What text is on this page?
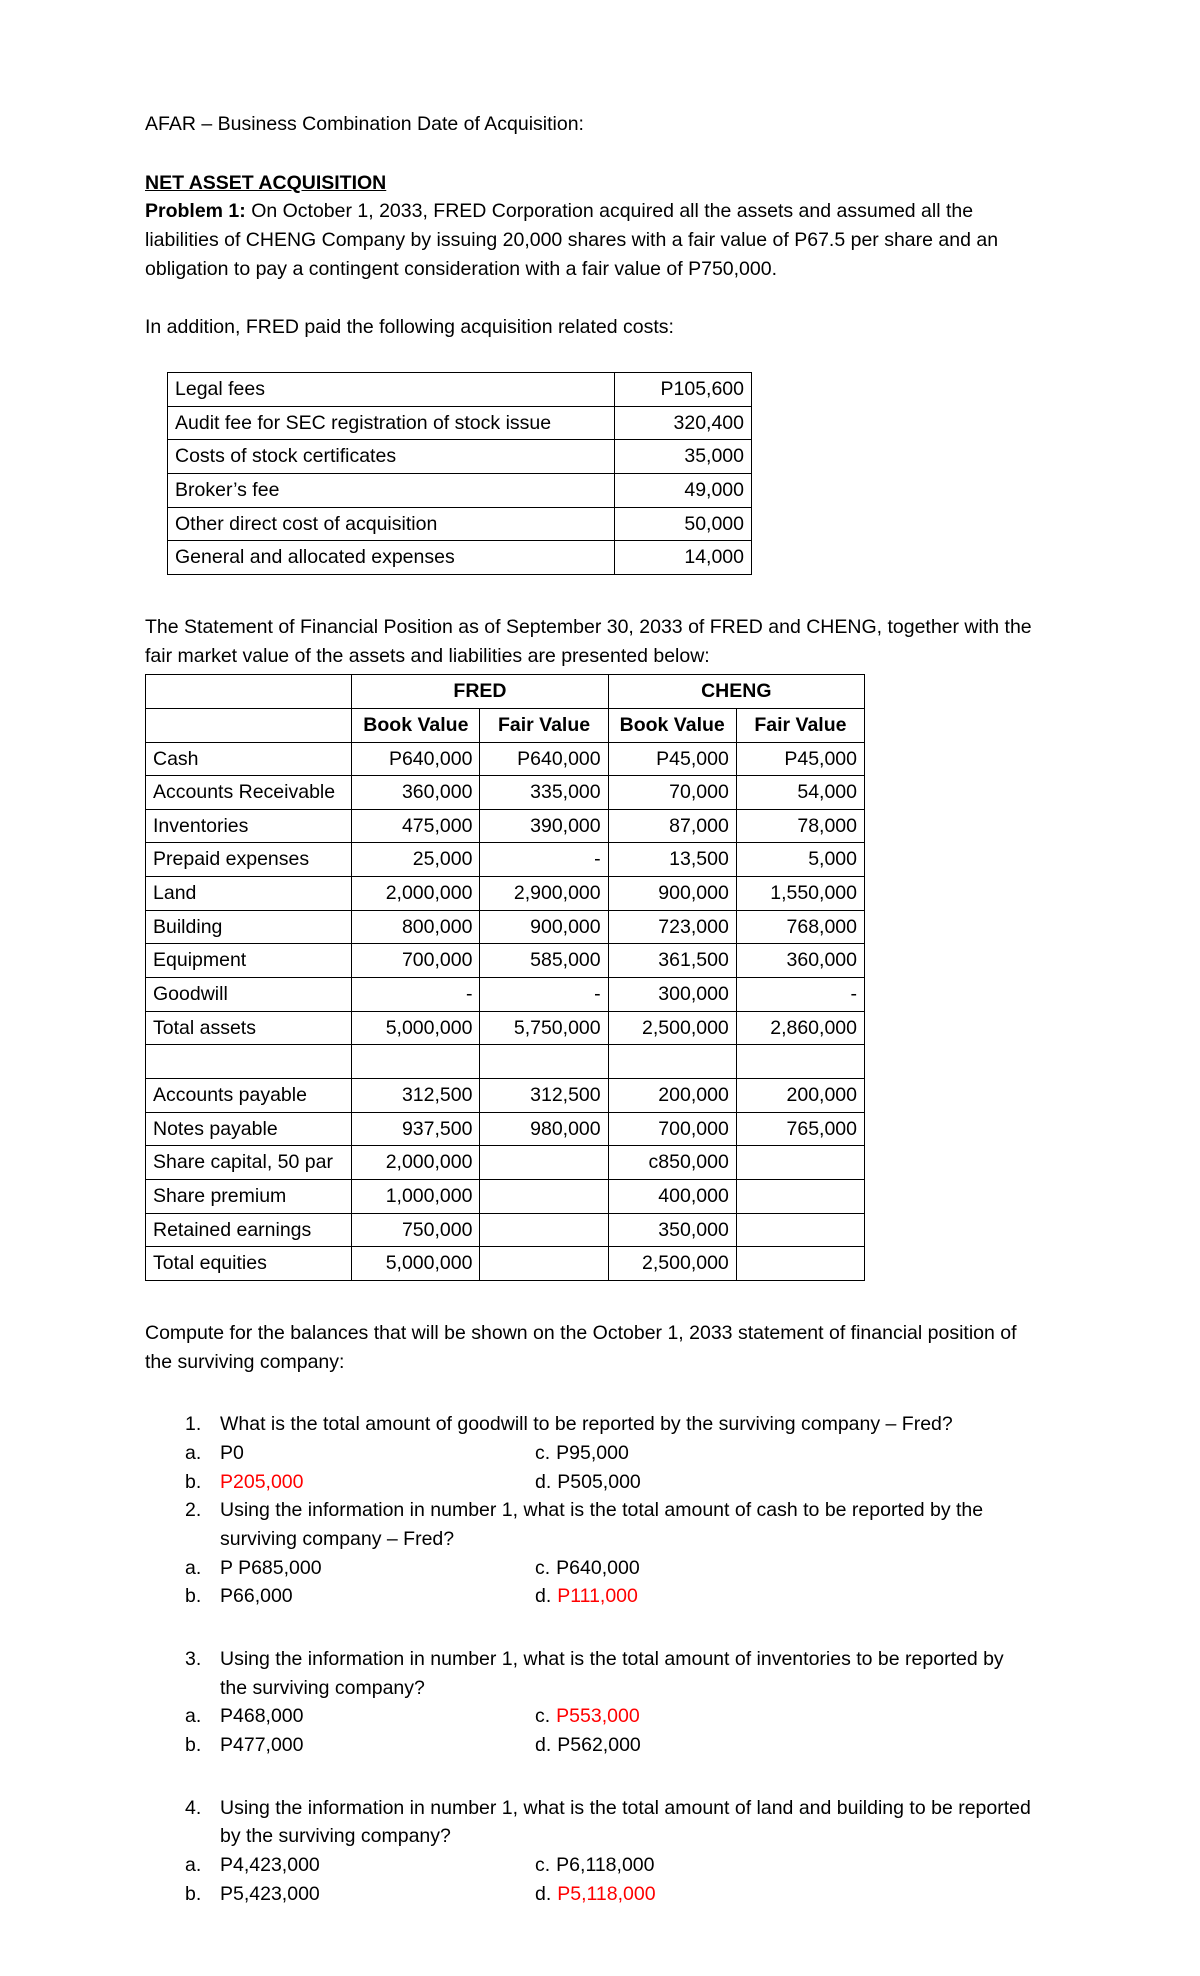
AFAR – Business Combination Date of Acquisition:

NET ASSET ACQUISITION

Problem 1: On October 1, 2033, FRED Corporation acquired all the assets and assumed all the liabilities of CHENG Company by issuing 20,000 shares with a fair value of P67.5 per share and an obligation to pay a contingent consideration with a fair value of P750,000.

In addition, FRED paid the following acquisition related costs:

Legal fees	P105,600
Audit fee for SEC registration of stock issue	320,400
Costs of stock certificates	35,000
Broker’s fee	49,000
Other direct cost of acquisition	50,000
General and allocated expenses	14,000

The Statement of Financial Position as of September 30, 2033 of FRED and CHENG, together with the fair market value of the assets and liabilities are presented below:

	FRED		CHENG	
	Book Value	Fair Value	Book Value	Fair Value
Cash	P640,000	P640,000	P45,000	P45,000
Accounts Receivable	360,000	335,000	70,000	54,000
Inventories	475,000	390,000	87,000	78,000
Prepaid expenses	25,000	-	13,500	5,000
Land	2,000,000	2,900,000	900,000	1,550,000
Building	800,000	900,000	723,000	768,000
Equipment	700,000	585,000	361,500	360,000
Goodwill	-	-	300,000	-
Total assets	5,000,000	5,750,000	2,500,000	2,860,000

Accounts payable	312,500	312,500	200,000	200,000
Notes payable	937,500	980,000	700,000	765,000
Share capital, 50 par	2,000,000		c850,000	
Share premium	1,000,000		400,000	
Retained earnings	750,000		350,000	
Total equities	5,000,000		2,500,000	

Compute for the balances that will be shown on the October 1, 2033 statement of financial position of the surviving company:

1. What is the total amount of goodwill to be reported by the surviving company – Fred?
a. P0	c. P95,000
b. P205,000	d. P505,000
2. Using the information in number 1, what is the total amount of cash to be reported by the surviving company – Fred?
a. P P685,000	c. P640,000
b. P66,000	d. P111,000
3. Using the information in number 1, what is the total amount of inventories to be reported by the surviving company?
a. P468,000	c. P553,000
b. P477,000	d. P562,000
4. Using the information in number 1, what is the total amount of land and building to be reported by the surviving company?
a. P4,423,000	c. P6,118,000
b. P5,423,000	d. P5,118,000
